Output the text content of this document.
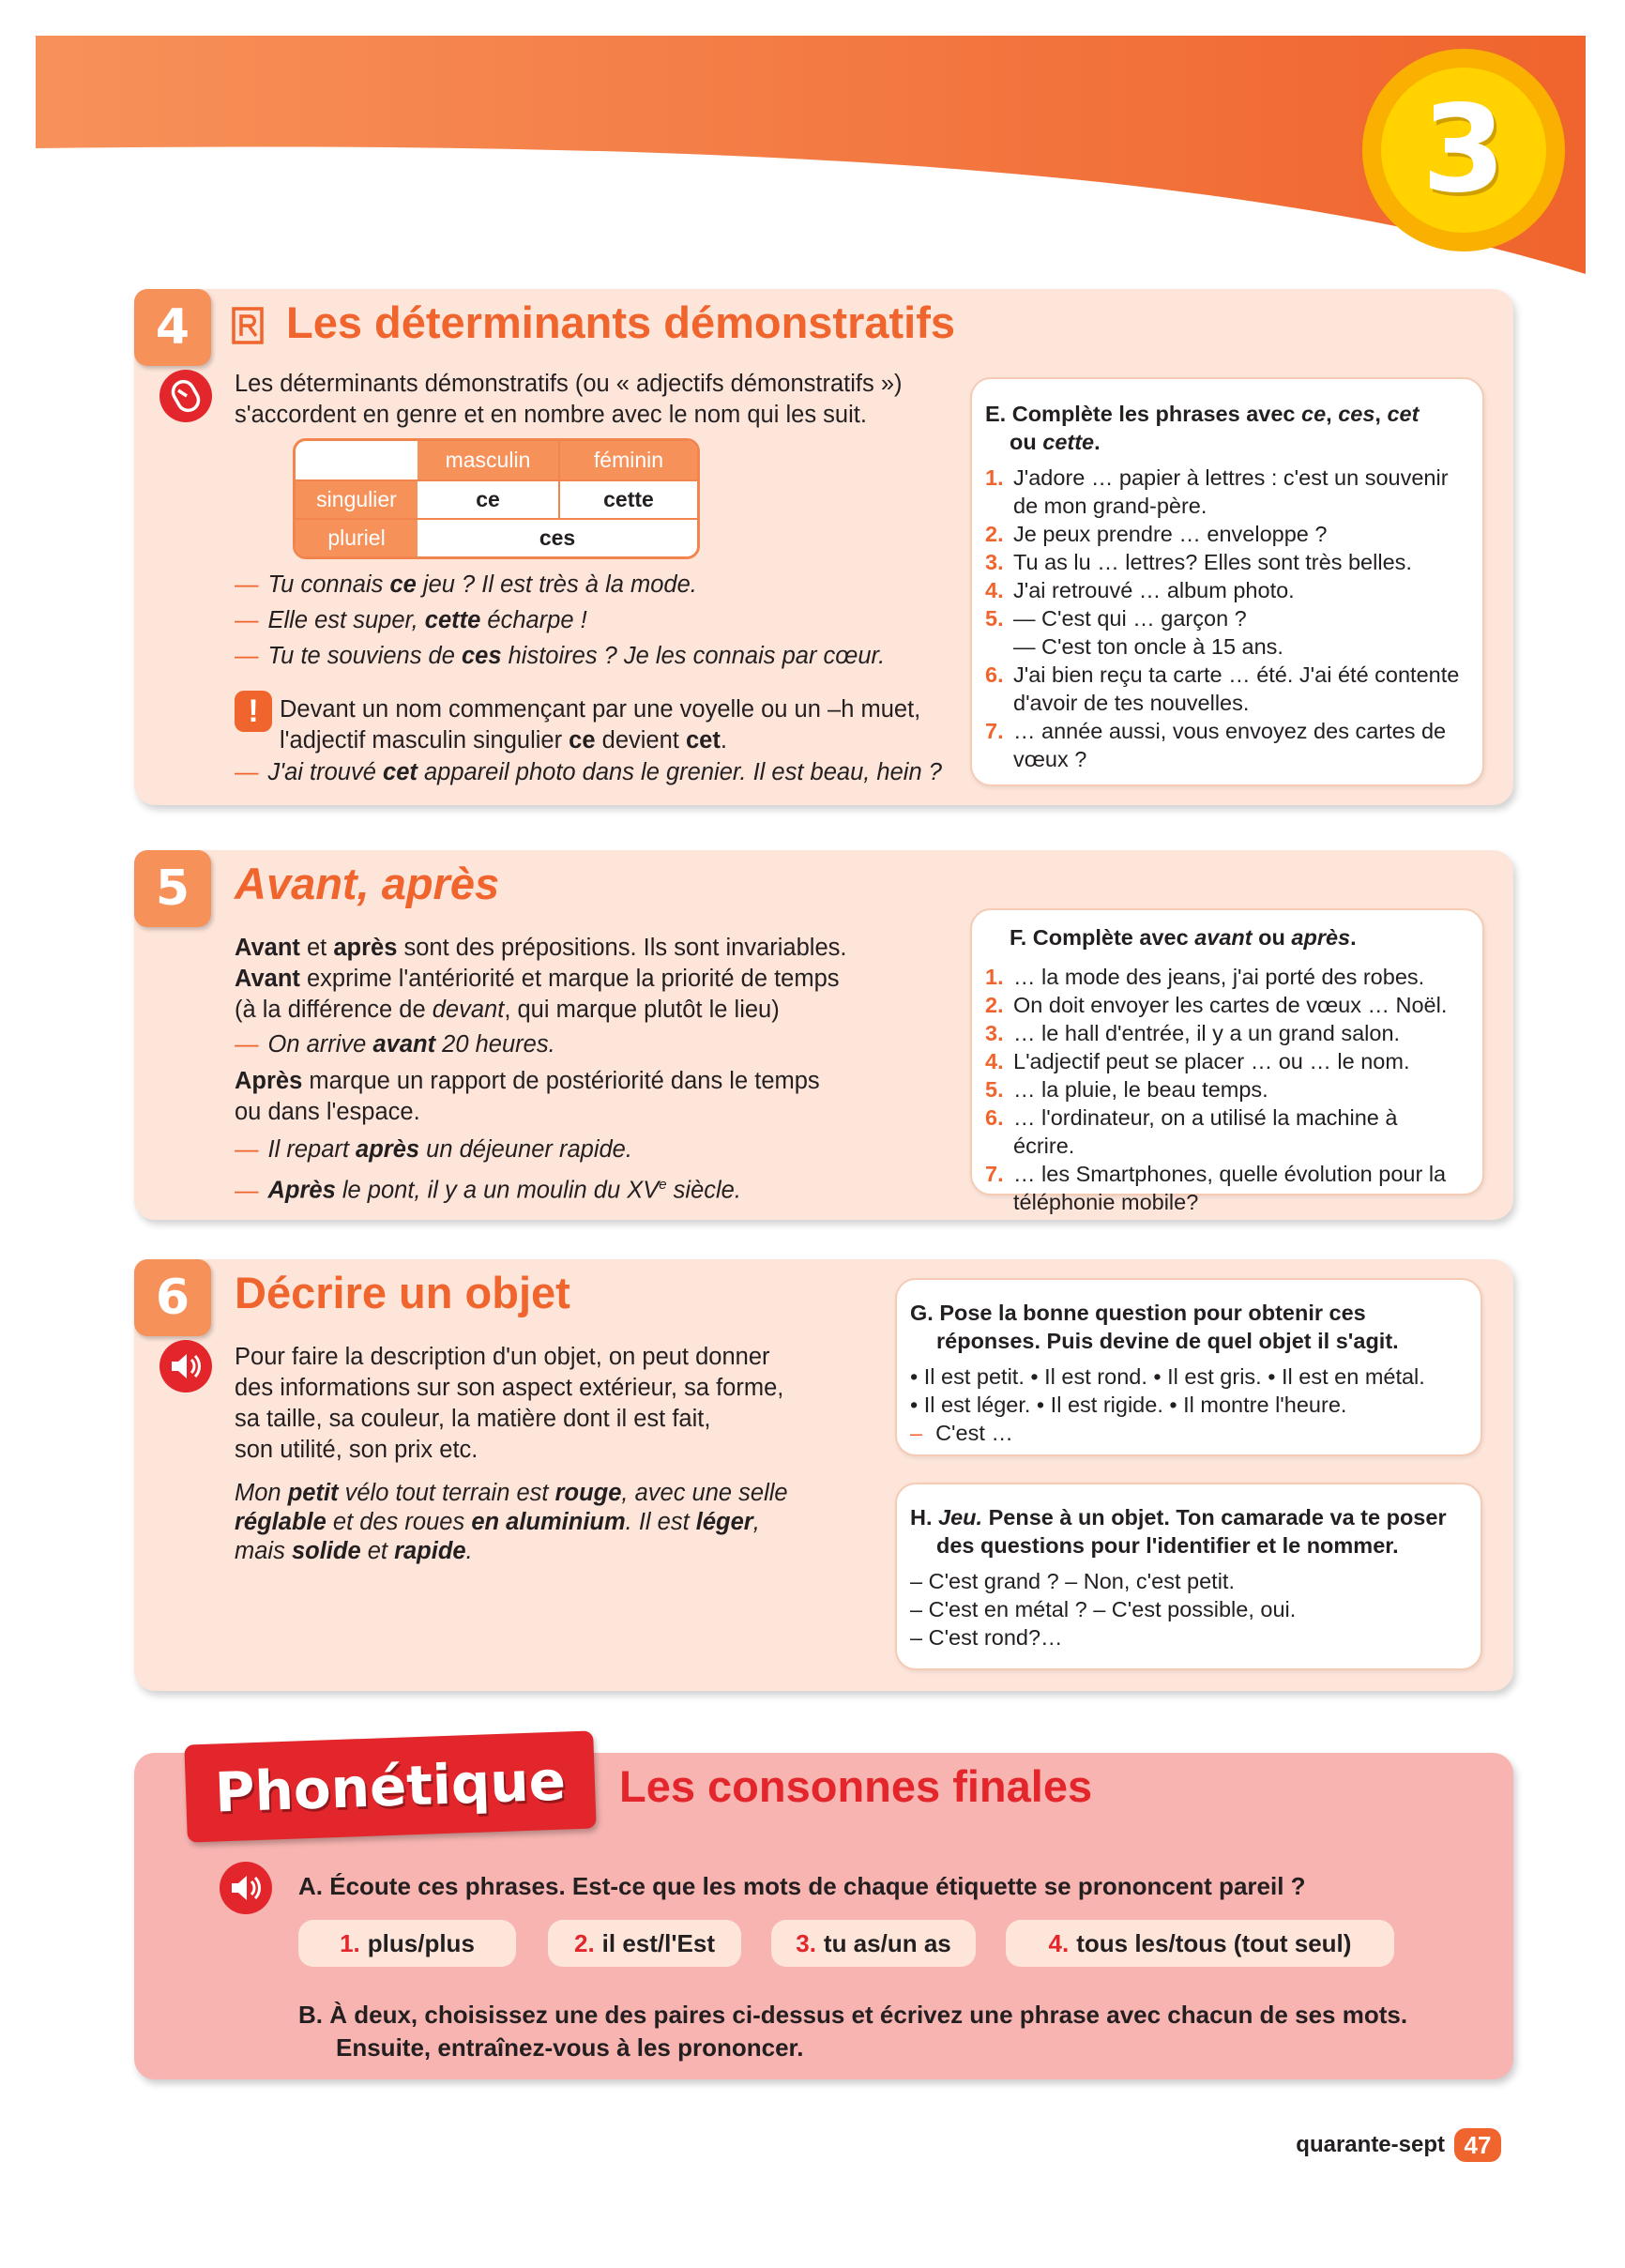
3
4	Les déterminants démonstratifs

Les déterminants démonstratifs (ou « adjectifs démonstratifs »)

s'accordent en genre et en nombre avec le nom qui les suit.

masculin	féminin
singulier	ce	cette
pluriel	ces

— Tu connais ce jeu ? Il est très à la mode.

— Elle est super, cette écharpe !

— Tu te souviens de ces histoires ? Je les connais par cœur.

! Devant un nom commençant par une voyelle ou un –h muet,

l'adjectif masculin singulier ce devient cet.

— J'ai trouvé cet appareil photo dans le grenier. Il est beau, hein ?

E. Complète les phrases avec ce, ces, cet
ou cette.
1. J'adore … papier à lettres : c'est un souvenir
de mon grand-père.
2. Je peux prendre … enveloppe ?
3. Tu as lu … lettres? Elles sont très belles.
4. J'ai retrouvé … album photo.
5. — C'est qui … garçon ?
— C'est ton oncle à 15 ans.
6. J'ai bien reçu ta carte … été. J'ai été contente
d'avoir de tes nouvelles.
7. … année aussi, vous envoyez des cartes de
vœux ?
5	Avant, après

Avant et après sont des prépositions. Ils sont invariables.

Avant exprime l'antériorité et marque la priorité de temps

(à la différence de devant, qui marque plutôt le lieu)

— On arrive avant 20 heures.

Après marque un rapport de postériorité dans le temps

ou dans l'espace.

— Il repart après un déjeuner rapide.

— Après le pont, il y a un moulin du XVe siècle.

F. Complète avec avant ou après.
1. … la mode des jeans, j'ai porté des robes.
2. On doit envoyer les cartes de vœux … Noël.
3. … le hall d'entrée, il y a un grand salon.
4. L'adjectif peut se placer … ou … le nom.
5. … la pluie, le beau temps.
6. … l'ordinateur, on a utilisé la machine à écrire.
7. … les Smartphones, quelle évolution pour la
téléphonie mobile?
6	Décrire un objet

Pour faire la description d'un objet, on peut donner

des informations sur son aspect extérieur, sa forme,

sa taille, sa couleur, la matière dont il est fait,

son utilité, son prix etc.

Mon petit vélo tout terrain est rouge, avec une selle

réglable et des roues en aluminium. Il est léger,

mais solide et rapide.

G. Pose la bonne question pour obtenir ces
réponses. Puis devine de quel objet il s'agit.

• Il est petit. • Il est rond. • Il est gris. • Il est en métal.

• Il est léger. • Il est rigide. • Il montre l'heure.

– C'est …

H. Jeu. Pense à un objet. Ton camarade va te poser
des questions pour l'identifier et le nommer.

– C'est grand ? – Non, c'est petit.

– C'est en métal ? – C'est possible, oui.

– C'est rond?…

Phonétique Les consonnes finales
A. Écoute ces phrases. Est-ce que les mots de chaque étiquette se prononcent pareil ?
1. plus/plus	2. il est/l'Est	3. tu as/un as	4. tous les/tous (tout seul)

B. À deux, choisissez une des paires ci-dessus et écrivez une phrase avec chacun de ses mots.

Ensuite, entraînez-vous à les prononcer.

quarante-sept 47
